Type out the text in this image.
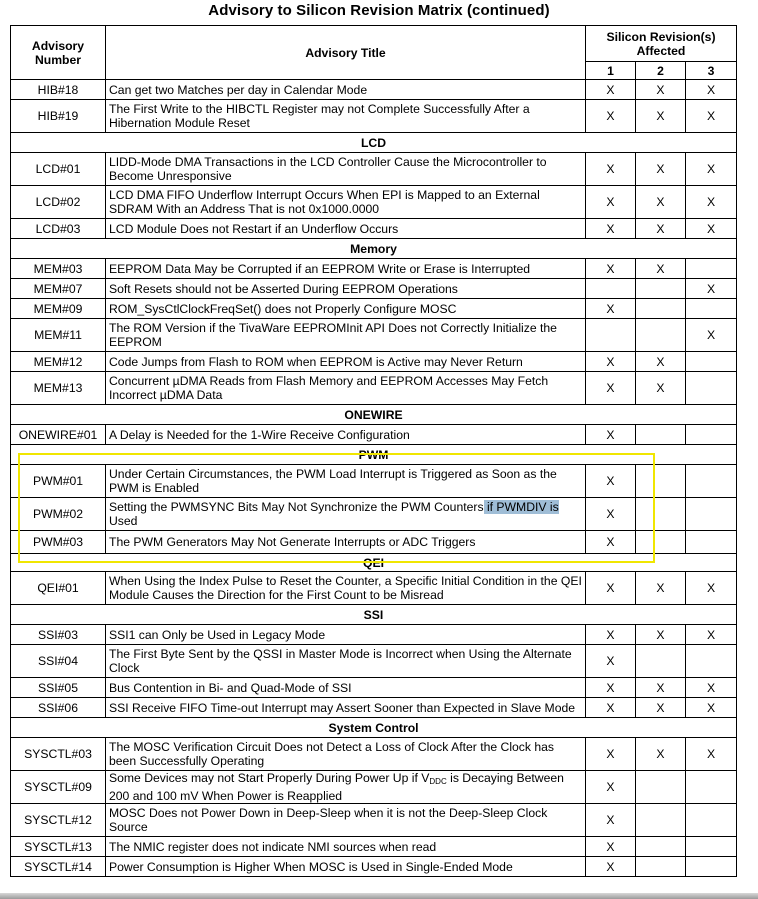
Advisory to Silicon Revision Matrix (continued)
Advisory Number	Advisory Title	Silicon Revision(s) Affected		
		1	2	3
HIB#18	Can get two Matches per day in Calendar Mode	X	X	X
HIB#19	The First Write to the HIBCTL Register may not Complete Successfully After a Hibernation Module Reset	X	X	X
LCD				
LCD#01	LIDD-Mode DMA Transactions in the LCD Controller Cause the Microcontroller to Become Unresponsive	X	X	X
LCD#02	LCD DMA FIFO Underflow Interrupt Occurs When EPI is Mapped to an External SDRAM With an Address That is not 0x1000.0000	X	X	X
LCD#03	LCD Module Does not Restart if an Underflow Occurs	X	X	X
Memory				
MEM#03	EEPROM Data May be Corrupted if an EEPROM Write or Erase is Interrupted	X	X	
MEM#07	Soft Resets should not be Asserted During EEPROM Operations			X
MEM#09	ROM_SysCtlClockFreqSet() does not Properly Configure MOSC	X		
MEM#11	The ROM Version if the TivaWare EEPROMInit API Does not Correctly Initialize the EEPROM			X
MEM#12	Code Jumps from Flash to ROM when EEPROM is Active may Never Return	X	X	
MEM#13	Concurrent µDMA Reads from Flash Memory and EEPROM Accesses May Fetch Incorrect µDMA Data	X	X	
ONEWIRE				
ONEWIRE#01	A Delay is Needed for the 1-Wire Receive Configuration	X		
PWM				
PWM#01	Under Certain Circumstances, the PWM Load Interrupt is Triggered as Soon as the PWM is Enabled	X		
PWM#02	Setting the PWMSYNC Bits May Not Synchronize the PWM Counters if PWMDIV is Used	X		
PWM#03	The PWM Generators May Not Generate Interrupts or ADC Triggers	X		
QEI				
QEI#01	When Using the Index Pulse to Reset the Counter, a Specific Initial Condition in the QEI Module Causes the Direction for the First Count to be Misread	X	X	X
SSI				
SSI#03	SSI1 can Only be Used in Legacy Mode	X	X	X
SSI#04	The First Byte Sent by the QSSI in Master Mode is Incorrect when Using the Alternate Clock	X		
SSI#05	Bus Contention in Bi- and Quad-Mode of SSI	X	X	X
SSI#06	SSI Receive FIFO Time-out Interrupt may Assert Sooner than Expected in Slave Mode	X	X	X
System Control				
SYSCTL#03	The MOSC Verification Circuit Does not Detect a Loss of Clock After the Clock has been Successfully Operating	X	X	X
SYSCTL#09	Some Devices may not Start Properly During Power Up if $V_{DDC}$ is Decaying Between 200 and 100 mV When Power is Reapplied	X		
SYSCTL#12	MOSC Does not Power Down in Deep-Sleep when it is not the Deep-Sleep Clock Source	X		
SYSCTL#13	The NMIC register does not indicate NMI sources when read	X		
SYSCTL#14	Power Consumption is Higher When MOSC is Used in Single-Ended Mode	X		
